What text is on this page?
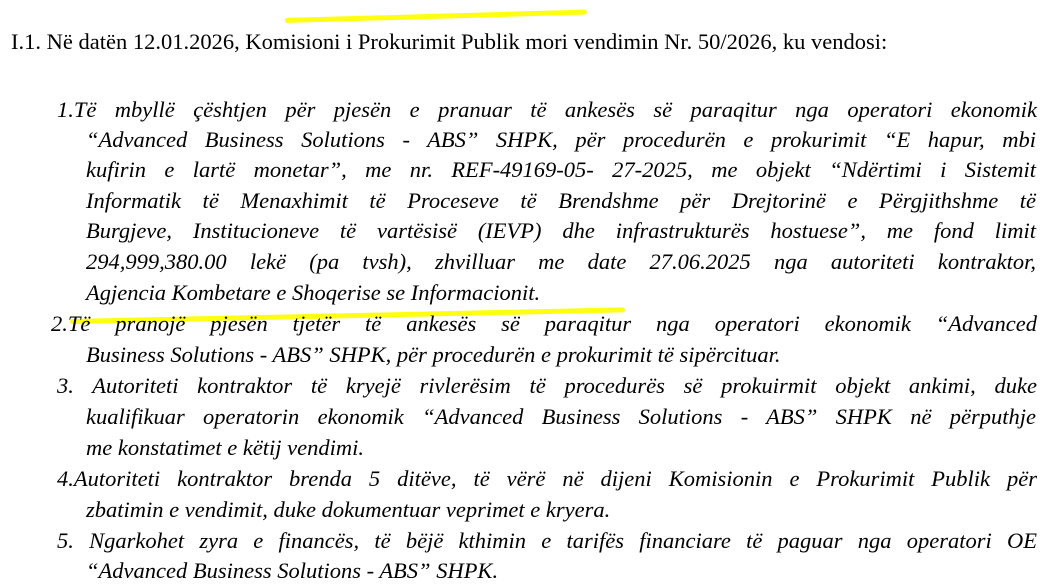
I.1. Në datën 12.01.2026, Komisioni i Prokurimit Publik mori vendimin Nr. 50/2026, ku vendosi:
1.Të mbyllë çështjen për pjesën e pranuar të ankesës së paraqitur nga operatori ekonomik
“Advanced Business Solutions - ABS” SHPK, për procedurën e prokurimit “E hapur, mbi
kufirin e lartë monetar”, me nr. REF-49169-05- 27-2025, me objekt “Ndërtimi i Sistemit
Informatik të Menaxhimit të Proceseve të Brendshme për Drejtorinë e Përgjithshme të
Burgjeve, Institucioneve të vartësisë (IEVP) dhe infrastrukturës hostuese”, me fond limit
294,999,380.00 lekë (pa tvsh), zhvilluar me date 27.06.2025 nga autoriteti kontraktor,
Agjencia Kombetare e Shoqerise se Informacionit.
2.Të pranojë pjesën tjetër të ankesës së paraqitur nga operatori ekonomik “Advanced
Business Solutions - ABS” SHPK, për procedurën e prokurimit të sipërcituar.
3. Autoriteti kontraktor të kryejë rivlerësim të procedurës së prokuirmit objekt ankimi, duke
kualifikuar operatorin ekonomik “Advanced Business Solutions - ABS” SHPK në përputhje
me konstatimet e këtij vendimi.
4.Autoriteti kontraktor brenda 5 ditëve, të vërë në dijeni Komisionin e Prokurimit Publik për
zbatimin e vendimit, duke dokumentuar veprimet e kryera.
5. Ngarkohet zyra e financës, të bëjë kthimin e tarifës financiare të paguar nga operatori OE
“Advanced Business Solutions - ABS” SHPK.
